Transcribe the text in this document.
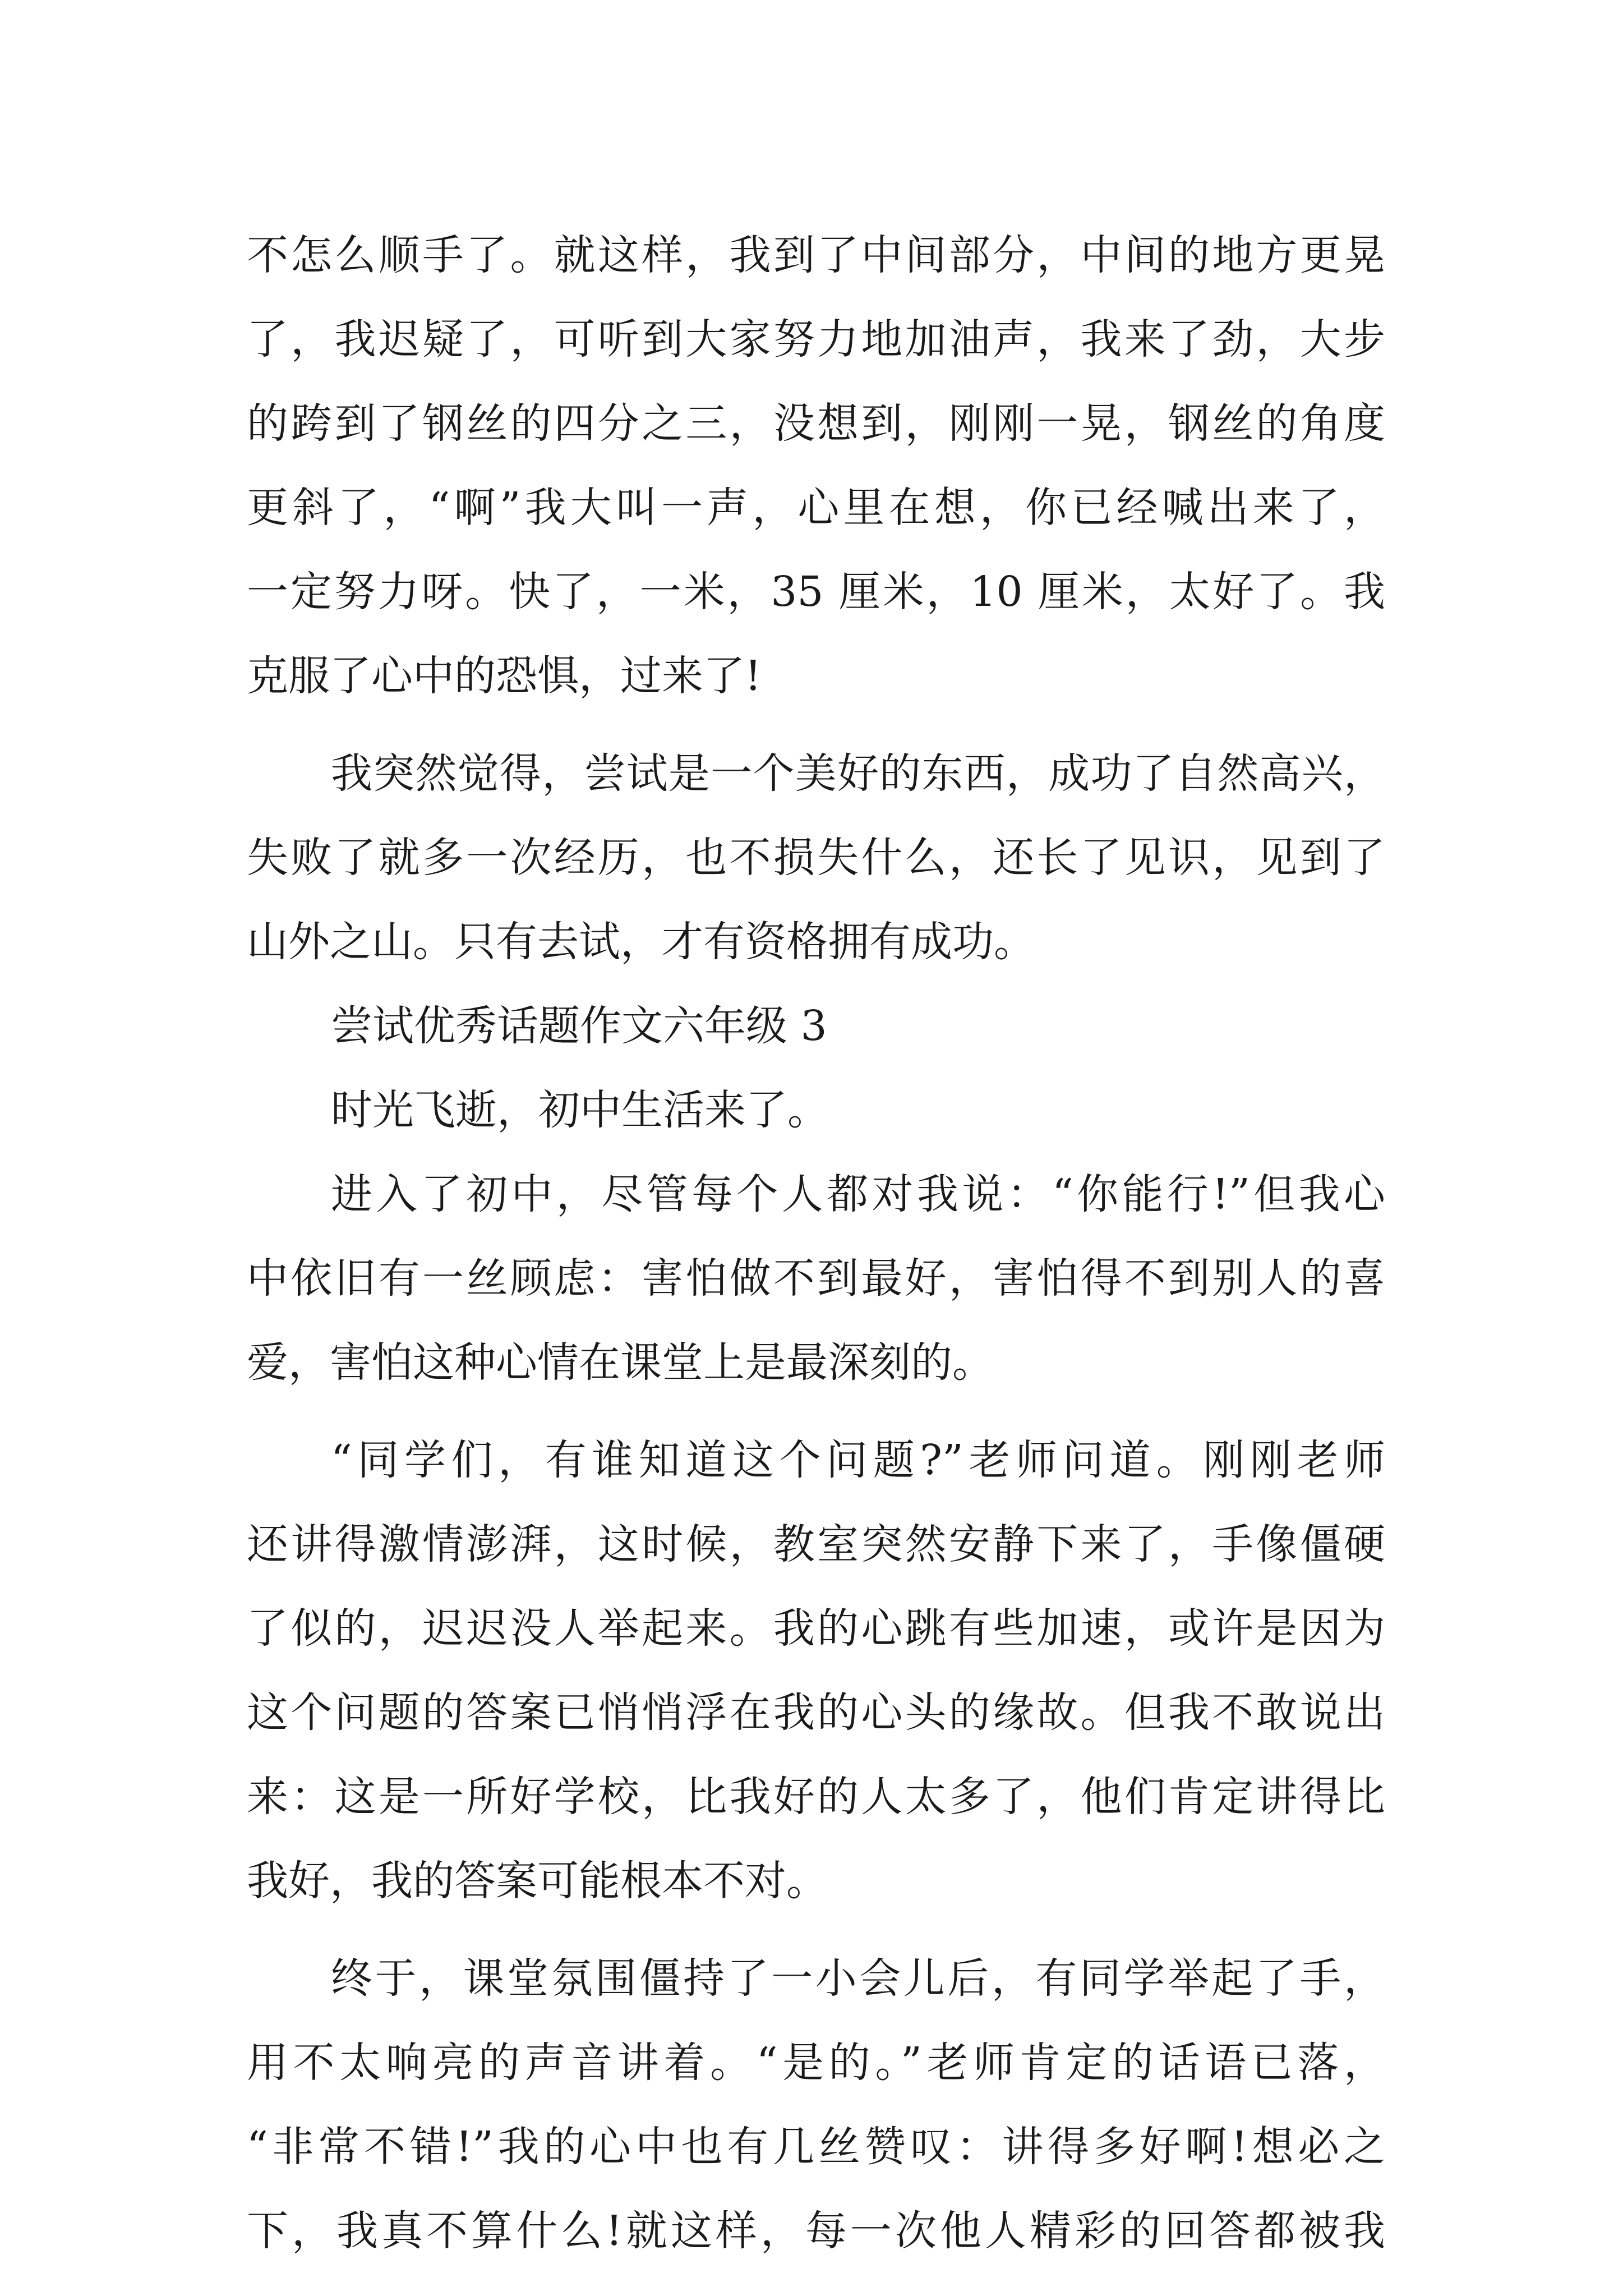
不怎么顺手了。就这样，我到了中间部分，中间的地方更晃
了，我迟疑了，可听到大家努力地加油声，我来了劲，大步
的跨到了钢丝的四分之三，没想到，刚刚一晃，钢丝的角度
更斜了，“啊”我大叫一声，心里在想，你已经喊出来了，
一定努力呀。快了，一米，35 厘米，10 厘米，太好了。我
克服了心中的恐惧，过来了!
我突然觉得，尝试是一个美好的东西，成功了自然高兴，
失败了就多一次经历，也不损失什么，还长了见识，见到了
山外之山。只有去试，才有资格拥有成功。
尝试优秀话题作文六年级 3
时光飞逝，初中生活来了。
进入了初中，尽管每个人都对我说：“你能行!”但我心
中依旧有一丝顾虑：害怕做不到最好，害怕得不到别人的喜
爱，害怕这种心情在课堂上是最深刻的。
“同学们，有谁知道这个问题?”老师问道。刚刚老师
还讲得激情澎湃，这时候，教室突然安静下来了，手像僵硬
了似的，迟迟没人举起来。我的心跳有些加速，或许是因为
这个问题的答案已悄悄浮在我的心头的缘故。但我不敢说出
来：这是一所好学校，比我好的人太多了，他们肯定讲得比
我好，我的答案可能根本不对。
终于，课堂氛围僵持了一小会儿后，有同学举起了手，
用不太响亮的声音讲着。“是的。”老师肯定的话语已落，
“非常不错!”我的心中也有几丝赞叹：讲得多好啊!想必之
下，我真不算什么!就这样，每一次他人精彩的回答都被我
